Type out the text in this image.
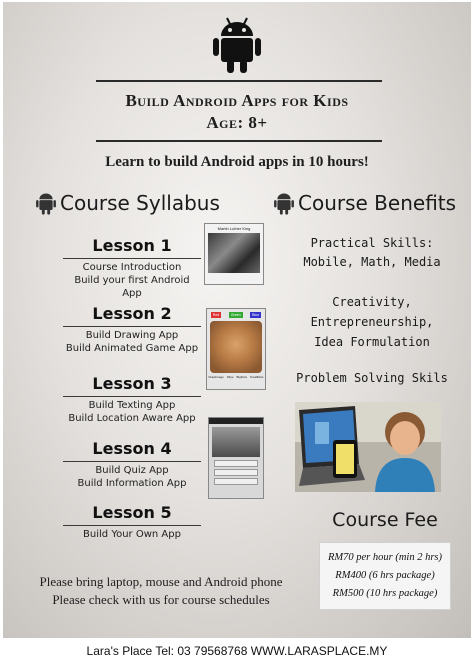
Build Android Apps for Kids
Age: 8+
Learn to build Android apps in 10 hours!
Course Syllabus	Course Benefits
Lesson 1
Course Introduction
Build your first Android App
Lesson 2
Build Drawing App
Build Animated Game App
Lesson 3
Build Texting App
Build Location Aware App
Lesson 4
Build Quiz App
Build Information App
Lesson 5
Build Your Own App
Martin Luther King
Red	Green	Blue
DrawImage Wipe BigDots SmallDots
Practical Skills:
Mobile, Math, Media
Creativity,
Entrepreneurship,
Idea Formulation
Problem Solving Skils
Course Fee
RM70 per hour (min 2 hrs)
RM400 (6 hrs package)
RM500 (10 hrs package)
Please bring laptop, mouse and Android phone
Please check with us for course schedules
Lara's Place Tel: 03 79568768 WWW.LARASPLACE.MY
